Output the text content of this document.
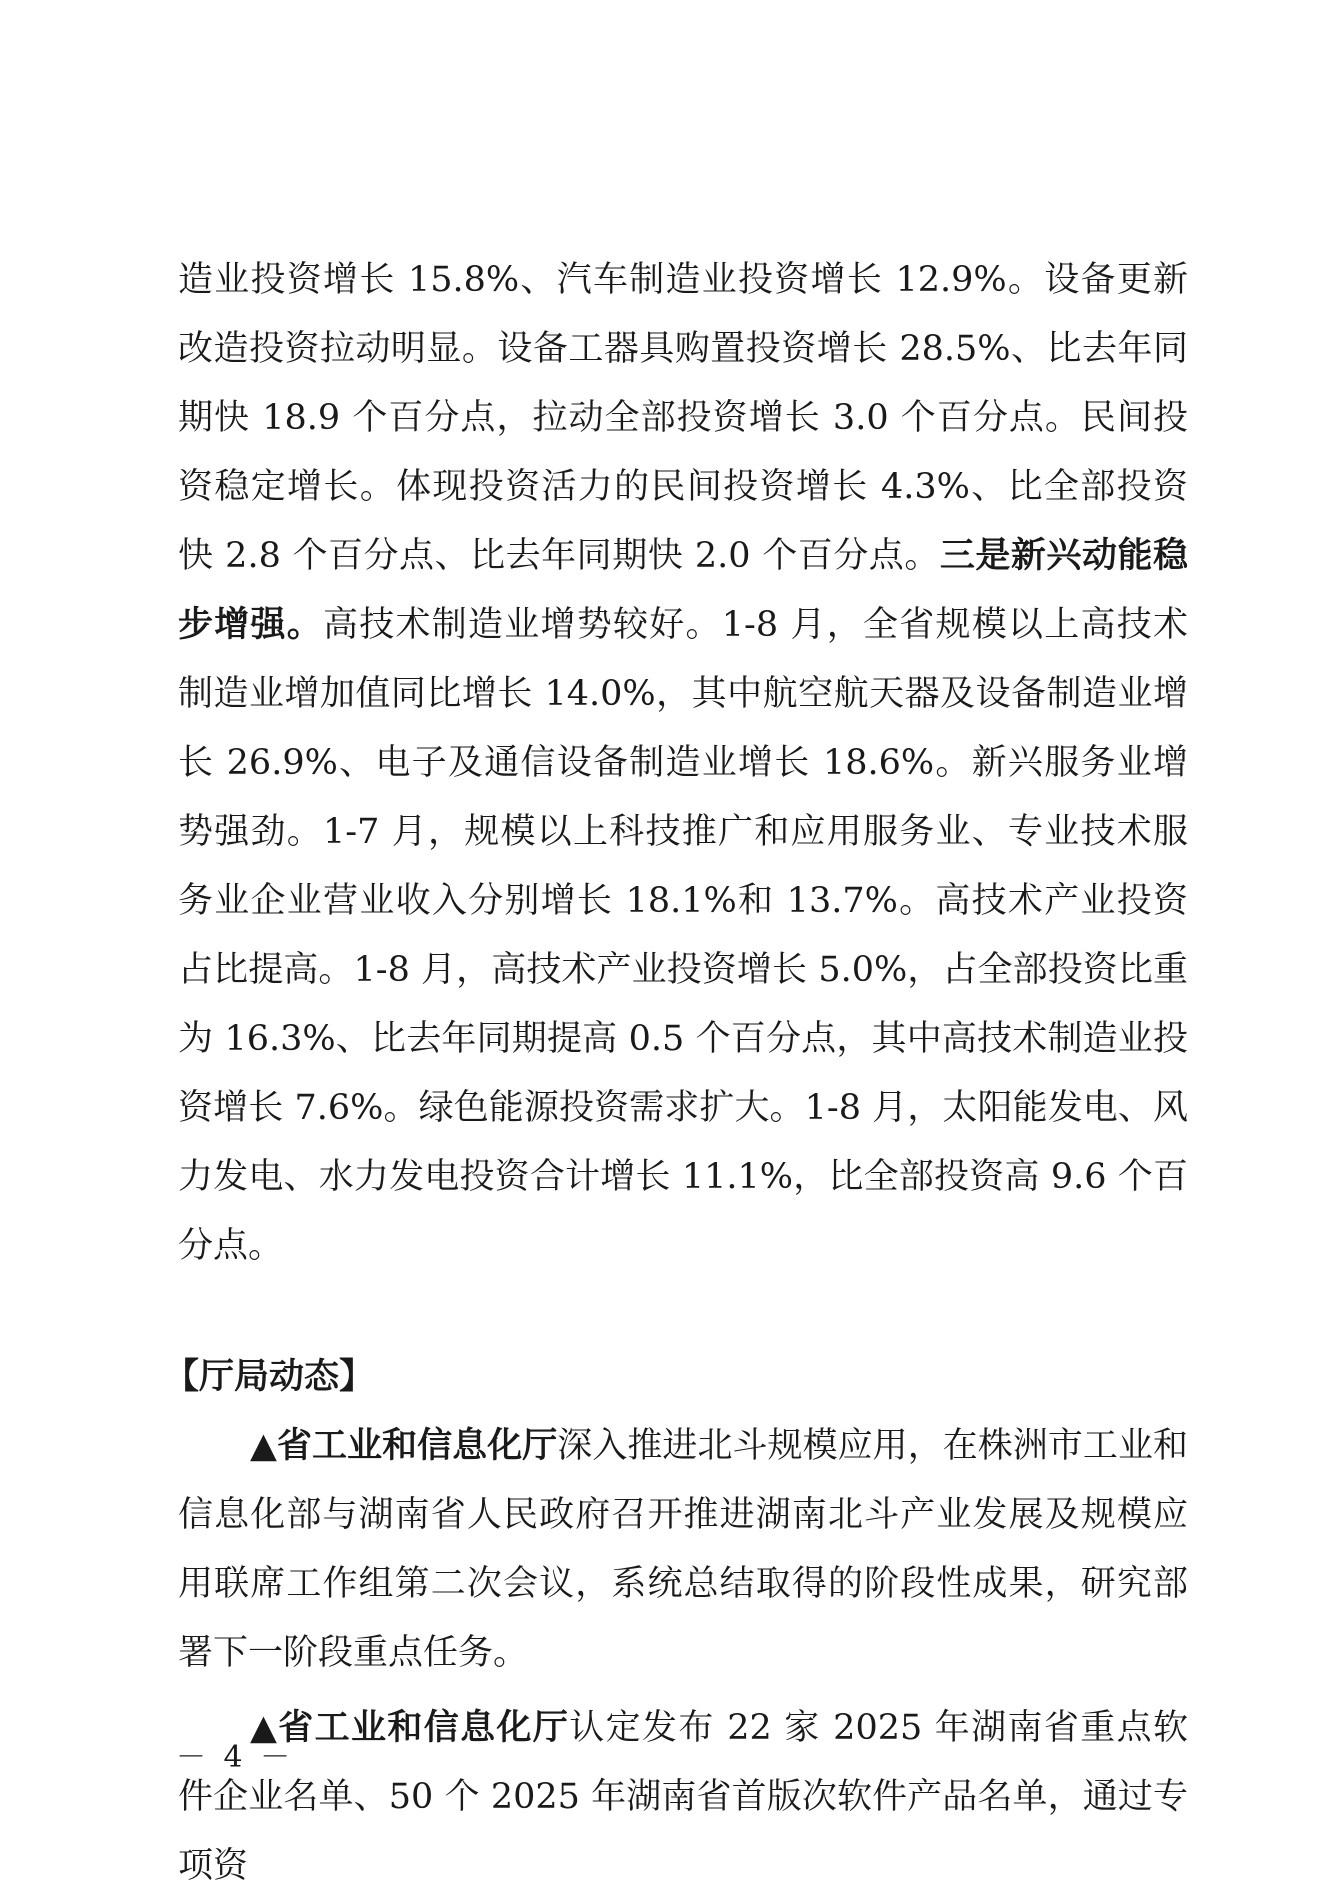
造业投资增长 15.8%、汽车制造业投资增长 12.9%。设备更新改造投资拉动明显。设备工器具购置投资增长 28.5%、比去年同期快 18.9 个百分点，拉动全部投资增长 3.0 个百分点。民间投资稳定增长。体现投资活力的民间投资增长 4.3%、比全部投资快 2.8 个百分点、比去年同期快 2.0 个百分点。三是新兴动能稳步增强。高技术制造业增势较好。1-8 月，全省规模以上高技术制造业增加值同比增长 14.0%，其中航空航天器及设备制造业增长 26.9%、电子及通信设备制造业增长 18.6%。新兴服务业增势强劲。1-7 月，规模以上科技推广和应用服务业、专业技术服务业企业营业收入分别增长 18.1%和 13.7%。高技术产业投资占比提高。1-8 月，高技术产业投资增长 5.0%，占全部投资比重为 16.3%、比去年同期提高 0.5 个百分点，其中高技术制造业投资增长 7.6%。绿色能源投资需求扩大。1-8 月，太阳能发电、风力发电、水力发电投资合计增长 11.1%，比全部投资高 9.6 个百分点。

【厅局动态】

▲省工业和信息化厅深入推进北斗规模应用，在株洲市工业和信息化部与湖南省人民政府召开推进湖南北斗产业发展及规模应用联席工作组第二次会议，系统总结取得的阶段性成果，研究部署下一阶段重点任务。

▲省工业和信息化厅认定发布 22 家 2025 年湖南省重点软件企业名单、50 个 2025 年湖南省首版次软件产品名单，通过专项资

－ 4 －
